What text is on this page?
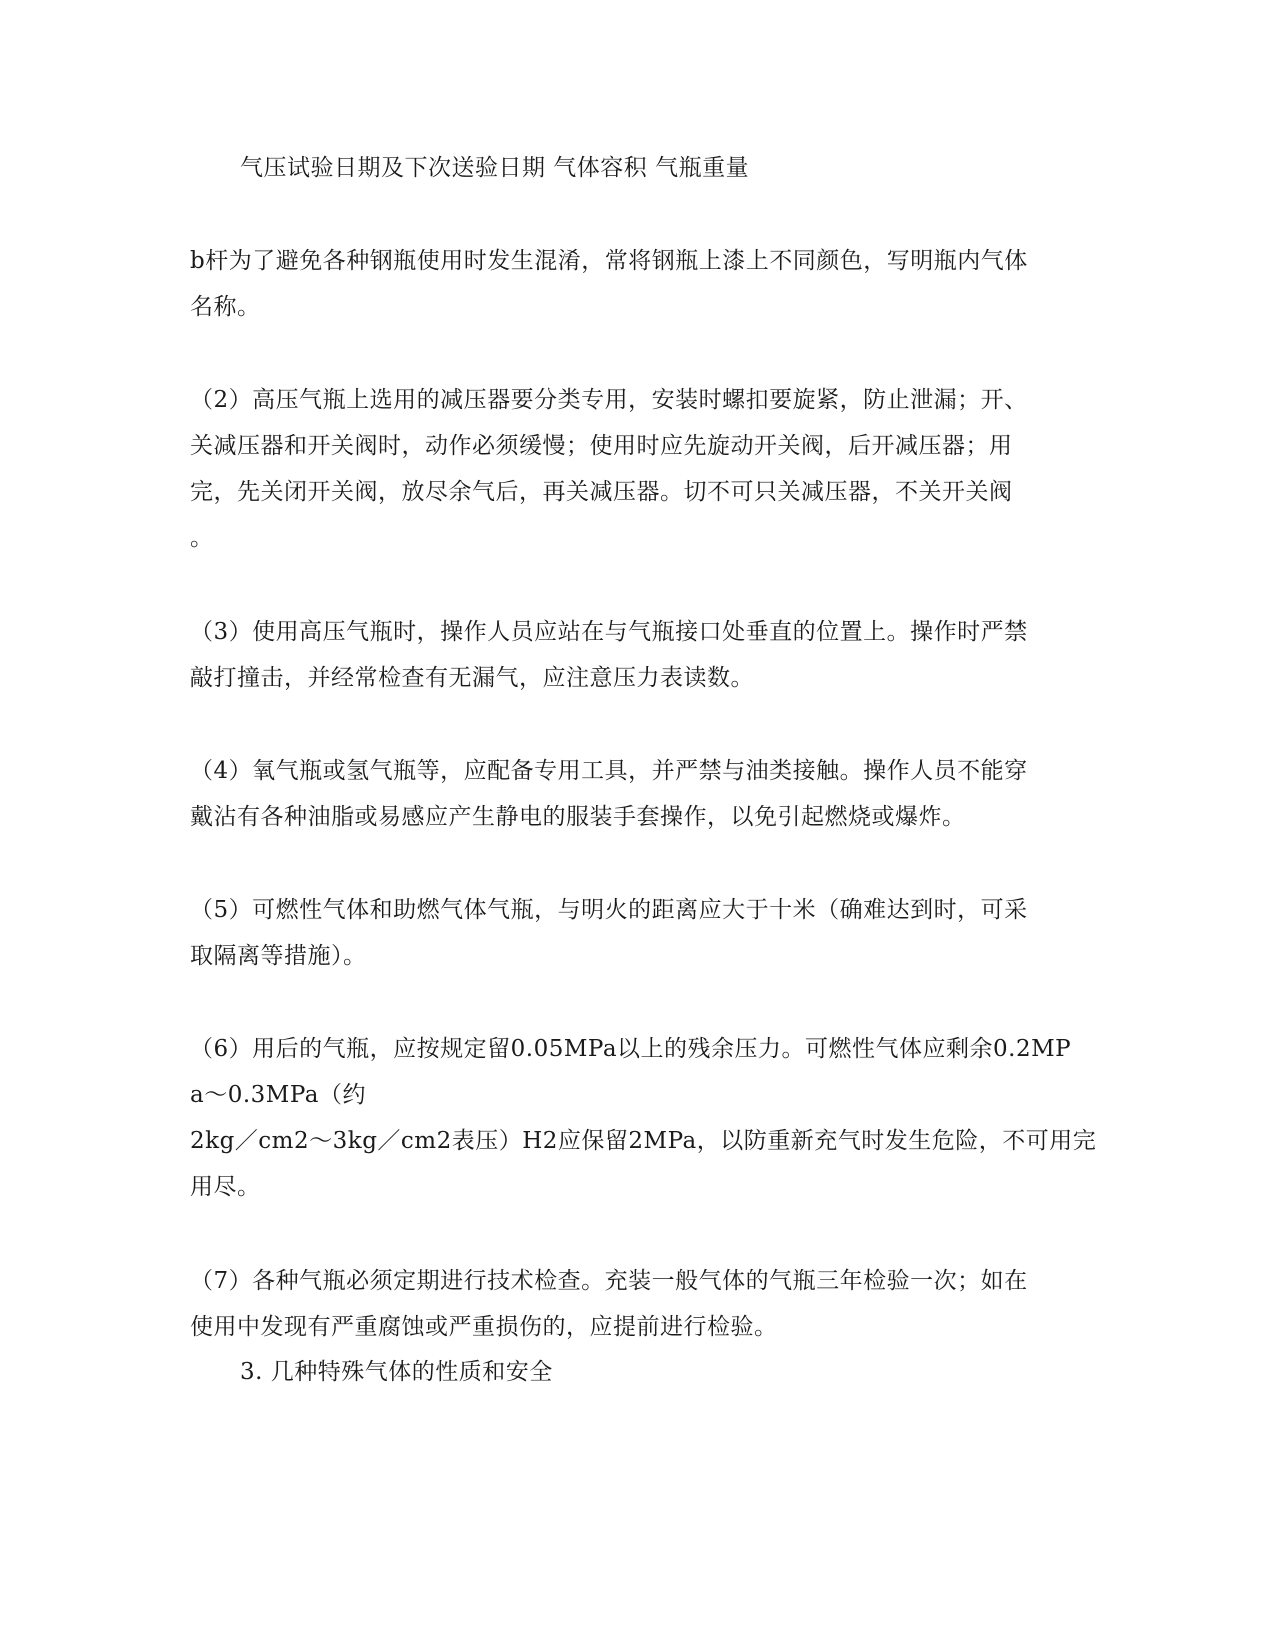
气压试验日期及下次送验日期 气体容积 气瓶重量
b杆为了避免各种钢瓶使用时发生混淆，常将钢瓶上漆上不同颜色，写明瓶内气体
名称。
（2）高压气瓶上选用的减压器要分类专用，安装时螺扣要旋紧，防止泄漏；开、
关减压器和开关阀时，动作必须缓慢；使用时应先旋动开关阀，后开减压器；用
完，先关闭开关阀，放尽余气后，再关减压器。切不可只关减压器，不关开关阀
。
（3）使用高压气瓶时，操作人员应站在与气瓶接口处垂直的位置上。操作时严禁
敲打撞击，并经常检查有无漏气，应注意压力表读数。
（4）氧气瓶或氢气瓶等，应配备专用工具，并严禁与油类接触。操作人员不能穿
戴沾有各种油脂或易感应产生静电的服装手套操作，以免引起燃烧或爆炸。
（5）可燃性气体和助燃气体气瓶，与明火的距离应大于十米（确难达到时，可采
取隔离等措施）。
（6）用后的气瓶，应按规定留0.05MPa以上的残余压力。可燃性气体应剩余0.2MP
a～0.3MPa（约
2kg／cm2～3kg／cm2表压）H2应保留2MPa，以防重新充气时发生危险，不可用完
用尽。
（7）各种气瓶必须定期进行技术检查。充装一般气体的气瓶三年检验一次；如在
使用中发现有严重腐蚀或严重损伤的，应提前进行检验。
3. 几种特殊气体的性质和安全
